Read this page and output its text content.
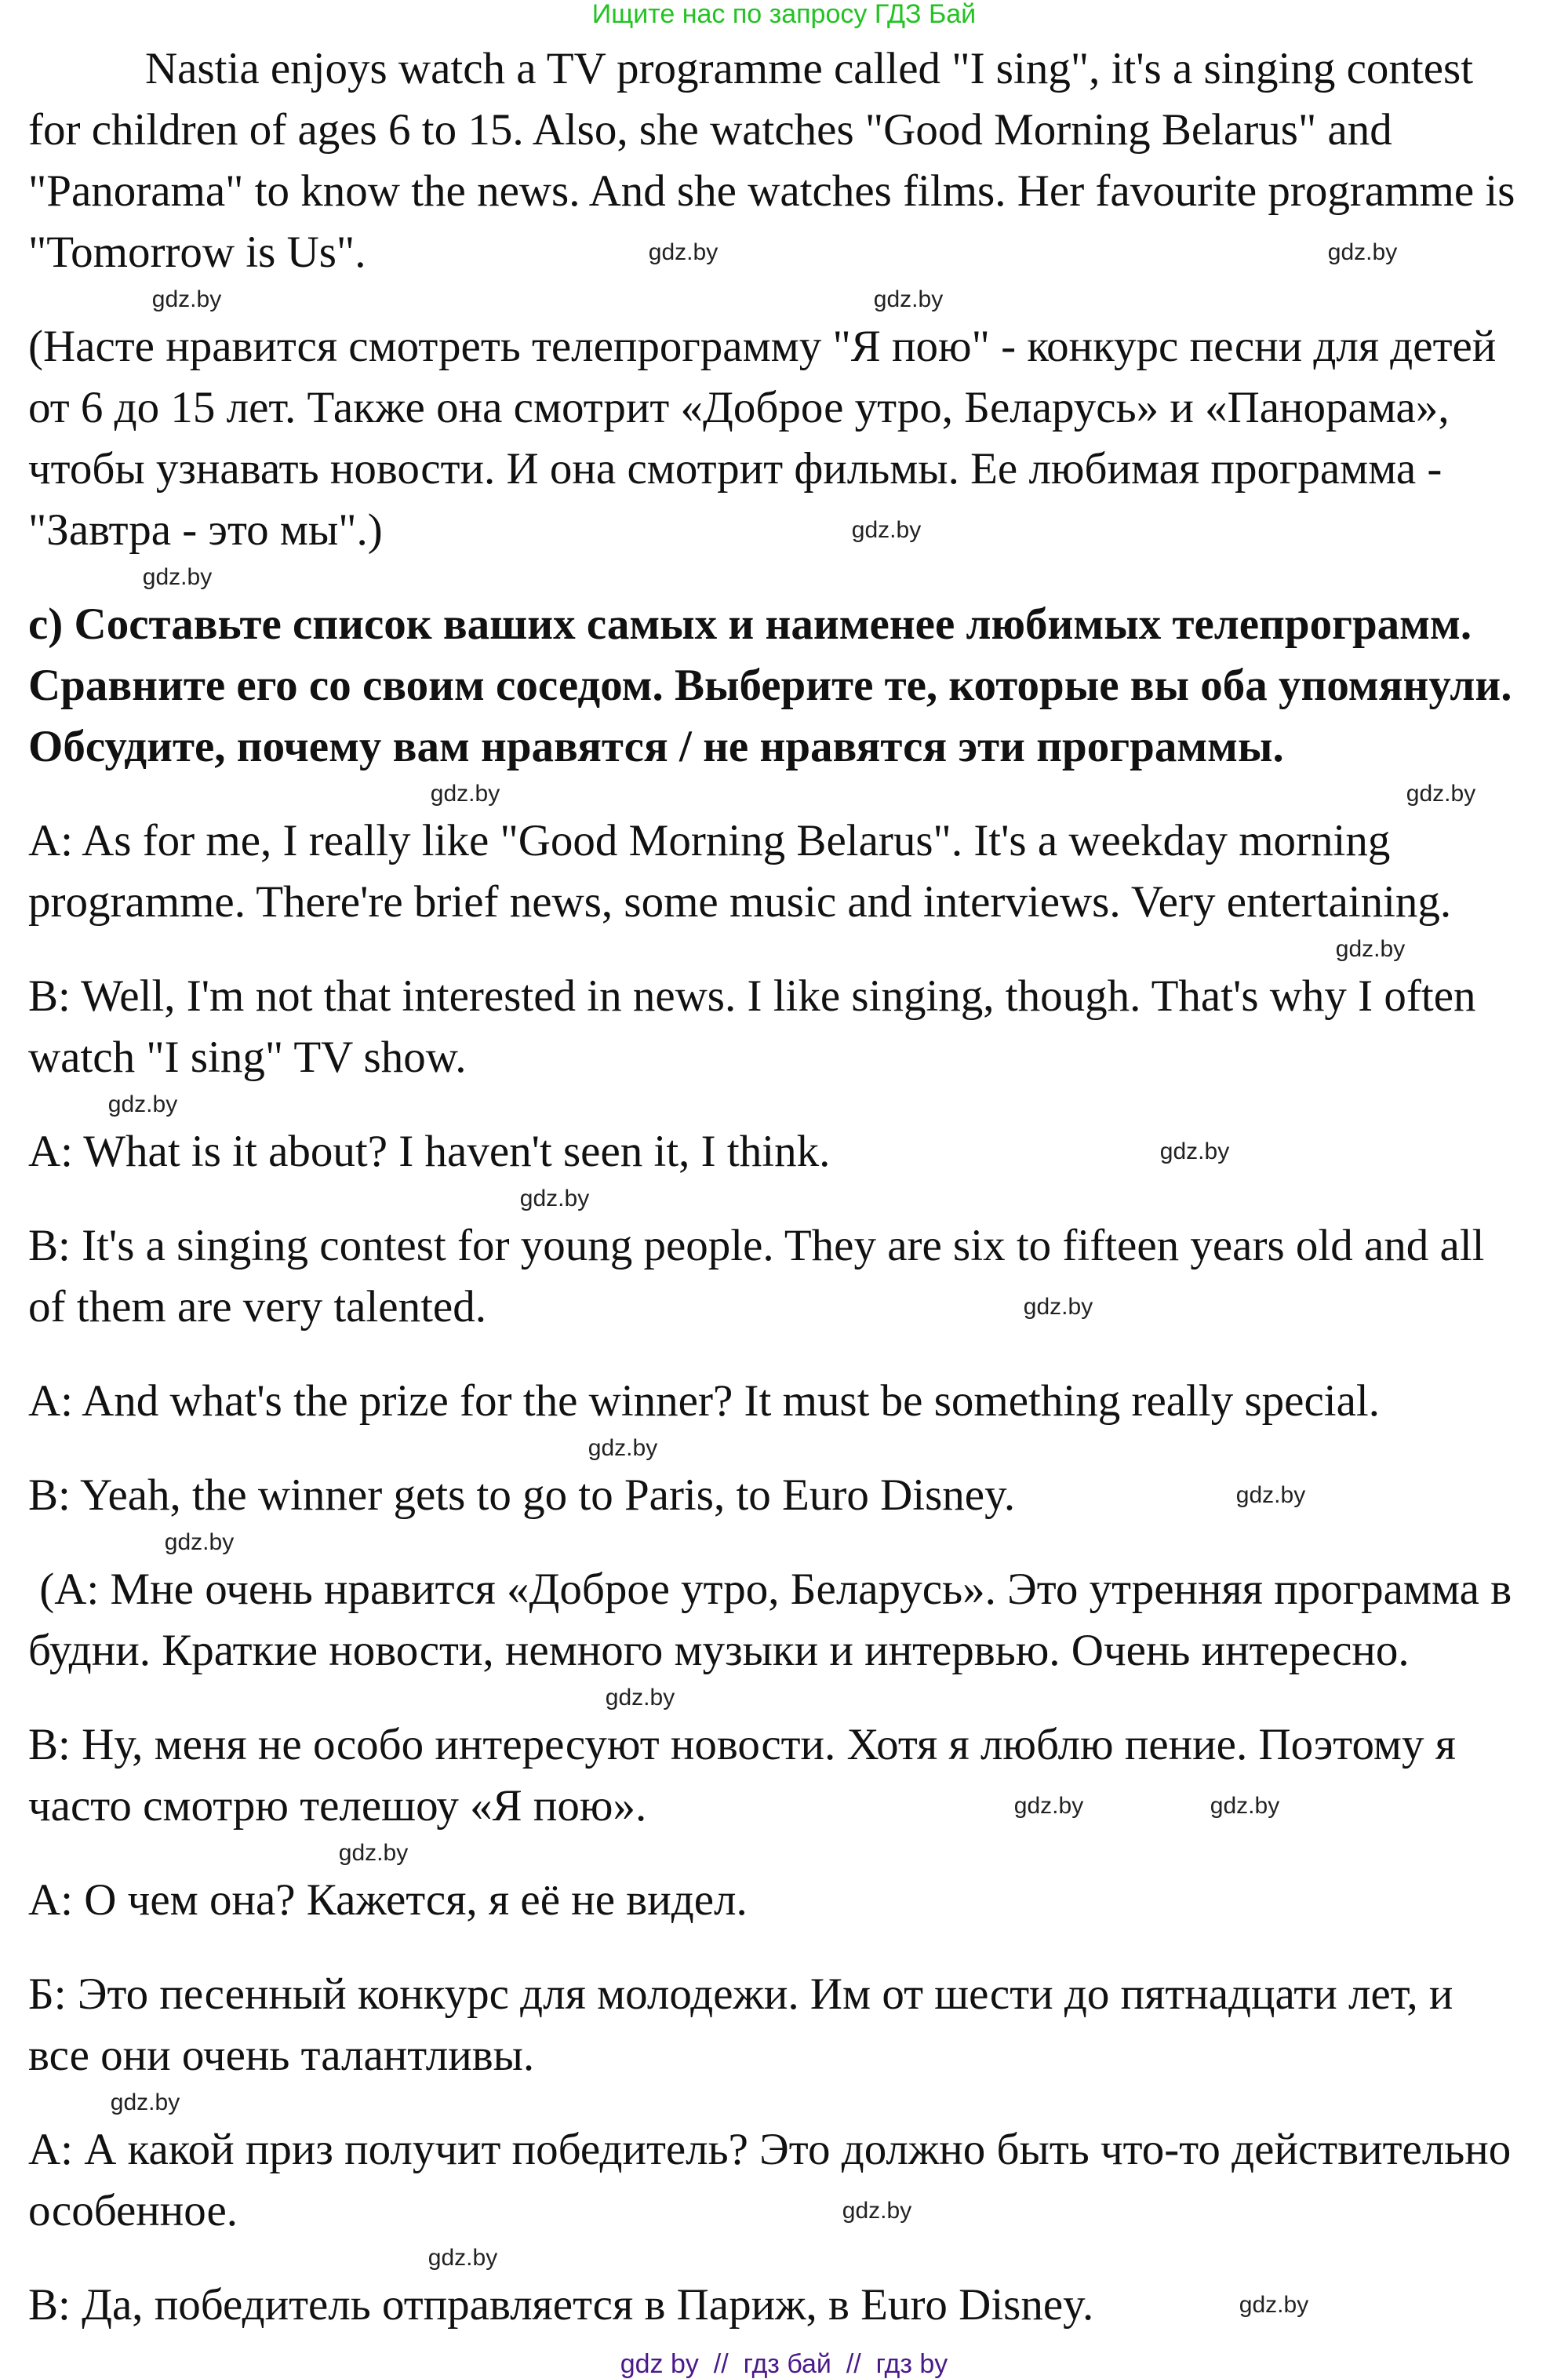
Ищите нас по запросу ГДЗ Бай
Nastia enjoys watch a TV programme called "I sing", it's a singing contest
for children of ages 6 to 15. Also, she watches "Good Morning Belarus" and
"Panorama" to know the news. And she watches films. Her favourite programme is
"Tomorrow is Us".
(Насте нравится смотреть телепрограмму "Я пою" - конкурс песни для детей
от 6 до 15 лет. Также она смотрит «Доброе утро, Беларусь» и «Панорама»,
чтобы узнавать новости. И она смотрит фильмы. Ее любимая программа -
"Завтра - это мы".)
c) Составьте список ваших самых и наименее любимых телепрограмм.
Сравните его со своим соседом. Выберите те, которые вы оба упомянули.
Обсудите, почему вам нравятся / не нравятся эти программы.
A: As for me, I really like "Good Morning Belarus". It's a weekday morning
programme. There're brief news, some music and interviews. Very entertaining.
B: Well, I'm not that interested in news. I like singing, though. That's why I often
watch "I sing" TV show.
A: What is it about? I haven't seen it, I think.
B: It's a singing contest for young people. They are six to fifteen years old and all
of them are very talented.
A: And what's the prize for the winner? It must be something really special.
B: Yeah, the winner gets to go to Paris, to Euro Disney.
(А: Мне очень нравится «Доброе утро, Беларусь». Это утренняя программа в
будни. Краткие новости, немного музыки и интервью. Очень интересно.
В: Ну, меня не особо интересуют новости. Хотя я люблю пение. Поэтому я
часто смотрю телешоу «Я пою».
А: О чем она? Кажется, я её не видел.
Б: Это песенный конкурс для молодежи. Им от шести до пятнадцати лет, и
все они очень талантливы.
А: А какой приз получит победитель? Это должно быть что-то действительно
особенное.
В: Да, победитель отправляется в Париж, в Euro Disney.
gdz.by
gdz.by
gdz.by	gdz.by
gdz.by
gdz.by
gdz.by
gdz.by
gdz.by
gdz.by
gdz.by
gdz.by
gdz.by
gdz.by
gdz.by
gdz.by
gdz.by
gdz.by
gdz.by
gdz.by
gdz.by
gdz.by
gdz.by
gdz.by
gdz by  //  гдз бай  //  гдз by
